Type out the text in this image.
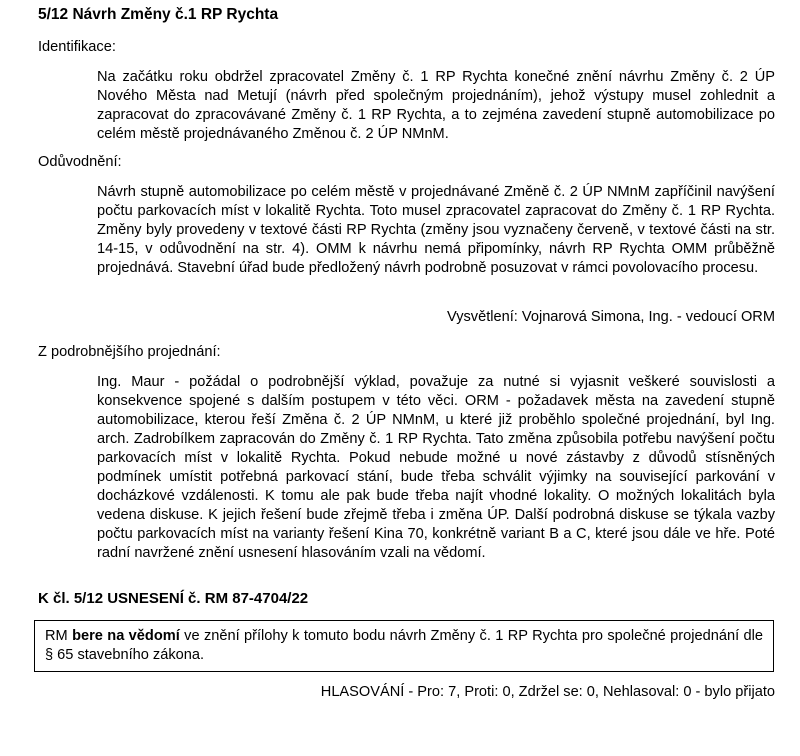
5/12 Návrh Změny č.1 RP Rychta
Identifikace:
Na začátku roku obdržel zpracovatel Změny č. 1 RP Rychta konečné znění návrhu Změny č. 2 ÚP Nového Města nad Metují (návrh před společným projednáním), jehož výstupy musel zohlednit a zapracovat do zpracovávané Změny č. 1 RP Rychta, a to zejména zavedení stupně automobilizace po celém městě projednávaného Změnou č. 2 ÚP NMnM.
Odůvodnění:
Návrh stupně automobilizace po celém městě v projednávané Změně č. 2 ÚP NMnM zapříčinil navýšení počtu parkovacích míst v lokalitě Rychta. Toto musel zpracovatel zapracovat do Změny č. 1 RP Rychta. Změny byly provedeny v textové části RP Rychta (změny jsou vyznačeny červeně, v textové části na str. 14-15, v odůvodnění na str. 4). OMM k návrhu nemá připomínky, návrh RP Rychta OMM průběžně projednává. Stavební úřad bude předložený návrh podrobně posuzovat v rámci povolovacího procesu.
Vysvětlení: Vojnarová Simona, Ing. - vedoucí ORM
Z podrobnějšího projednání:
Ing. Maur - požádal o podrobnější výklad, považuje za nutné si vyjasnit veškeré souvislosti a konsekvence spojené s dalším postupem v této věci. ORM - požadavek města na zavedení stupně automobilizace, kterou řeší Změna č. 2 ÚP NMnM, u které již proběhlo společné projednání, byl Ing. arch. Zadrobílkem zapracován do Změny č. 1 RP Rychta. Tato změna způsobila potřebu navýšení počtu parkovacích míst v lokalitě Rychta. Pokud nebude možné u nové zástavby z důvodů stísněných podmínek umístit potřebná parkovací stání, bude třeba schválit výjimky na související parkování v docházkové vzdálenosti. K tomu ale pak bude třeba najít vhodné lokality. O možných lokalitách byla vedena diskuse. K jejich řešení bude zřejmě třeba i změna ÚP. Další podrobná diskuse se týkala vazby počtu parkovacích míst na varianty řešení Kina 70, konkrétně variant B a C, které jsou dále ve hře. Poté radní navržené znění usnesení hlasováním vzali na vědomí.
K čl. 5/12 USNESENÍ č. RM 87-4704/22
RM bere na vědomí ve znění přílohy k tomuto bodu návrh Změny č. 1 RP Rychta pro společné projednání dle § 65 stavebního zákona.
HLASOVÁNÍ - Pro: 7, Proti: 0, Zdržel se: 0, Nehlasoval: 0 - bylo přijato
